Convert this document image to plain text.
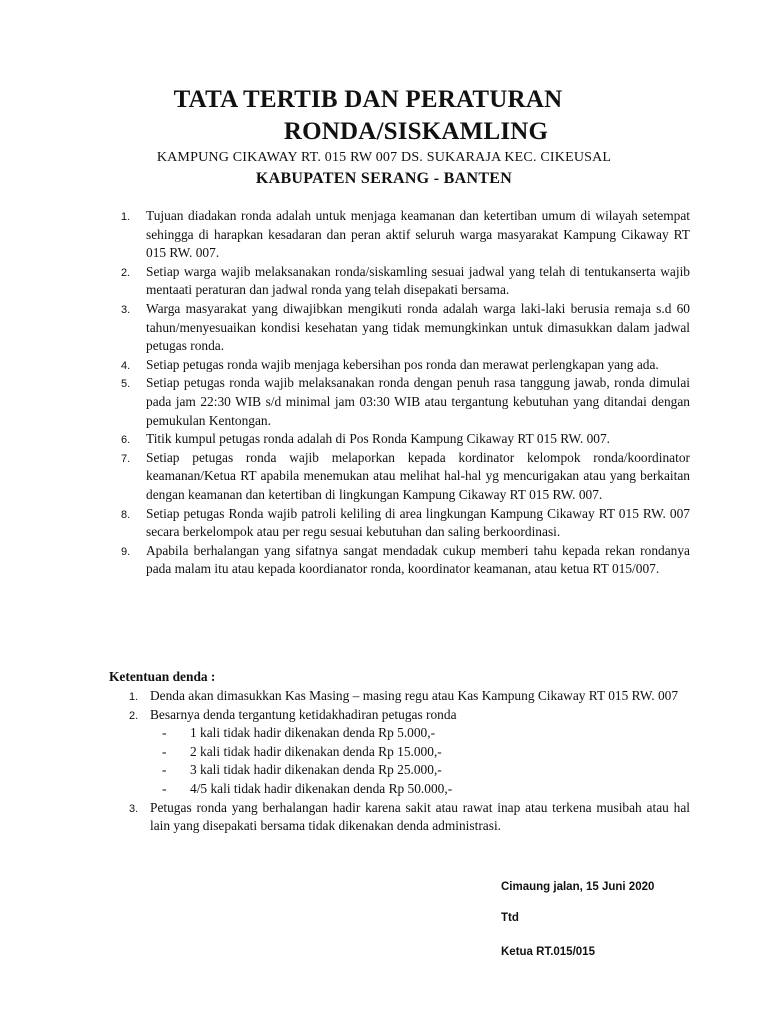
TATA TERTIB DAN PERATURAN
RONDA/SISKAMLING
KAMPUNG CIKAWAY RT. 015 RW 007 DS. SUKARAJA KEC. CIKEUSAL
KABUPATEN SERANG - BANTEN
1. Tujuan diadakan ronda adalah untuk menjaga keamanan dan ketertiban umum di wilayah setempat sehingga di harapkan kesadaran dan peran aktif seluruh warga masyarakat Kampung Cikaway RT 015 RW. 007.
2. Setiap warga wajib melaksanakan ronda/siskamling sesuai jadwal yang telah di tentukanserta wajib mentaati peraturan dan jadwal ronda yang telah disepakati bersama.
3. Warga masyarakat yang diwajibkan mengikuti ronda adalah warga laki-laki berusia remaja s.d 60 tahun/menyesuaikan kondisi kesehatan yang tidak memungkinkan untuk dimasukkan dalam jadwal petugas ronda.
4. Setiap petugas ronda wajib menjaga kebersihan pos ronda dan merawat perlengkapan yang ada.
5. Setiap petugas ronda wajib melaksanakan ronda dengan penuh rasa tanggung jawab, ronda dimulai pada jam 22:30 WIB s/d minimal jam 03:30 WIB atau tergantung kebutuhan yang ditandai dengan pemukulan Kentongan.
6. Titik kumpul petugas ronda adalah di Pos Ronda Kampung Cikaway RT 015 RW. 007.
7. Setiap petugas ronda wajib melaporkan kepada kordinator kelompok ronda/koordinator keamanan/Ketua RT apabila menemukan atau melihat hal-hal yg mencurigakan atau yang berkaitan dengan keamanan dan ketertiban di lingkungan Kampung Cikaway RT 015 RW. 007.
8. Setiap petugas Ronda wajib patroli keliling di area lingkungan Kampung Cikaway RT 015 RW. 007 secara berkelompok atau per regu sesuai kebutuhan dan saling berkoordinasi.
9. Apabila berhalangan yang sifatnya sangat mendadak cukup memberi tahu kepada rekan rondanya pada malam itu atau kepada koordianator ronda, koordinator keamanan, atau ketua RT 015/007.
Ketentuan denda :
1. Denda akan dimasukkan Kas Masing – masing regu atau Kas Kampung Cikaway RT 015 RW. 007
2. Besarnya denda tergantung ketidakhadiran petugas ronda
- 1 kali tidak hadir dikenakan denda Rp 5.000,-
- 2 kali tidak hadir dikenakan denda Rp 15.000,-
- 3 kali tidak hadir dikenakan denda Rp 25.000,-
- 4/5 kali tidak hadir dikenakan denda Rp 50.000,-
3. Petugas ronda yang berhalangan hadir karena sakit atau rawat inap atau terkena musibah atau hal lain yang disepakati bersama tidak dikenakan denda administrasi.
Cimaung jalan, 15 Juni 2020
Ttd
Ketua RT.015/015
